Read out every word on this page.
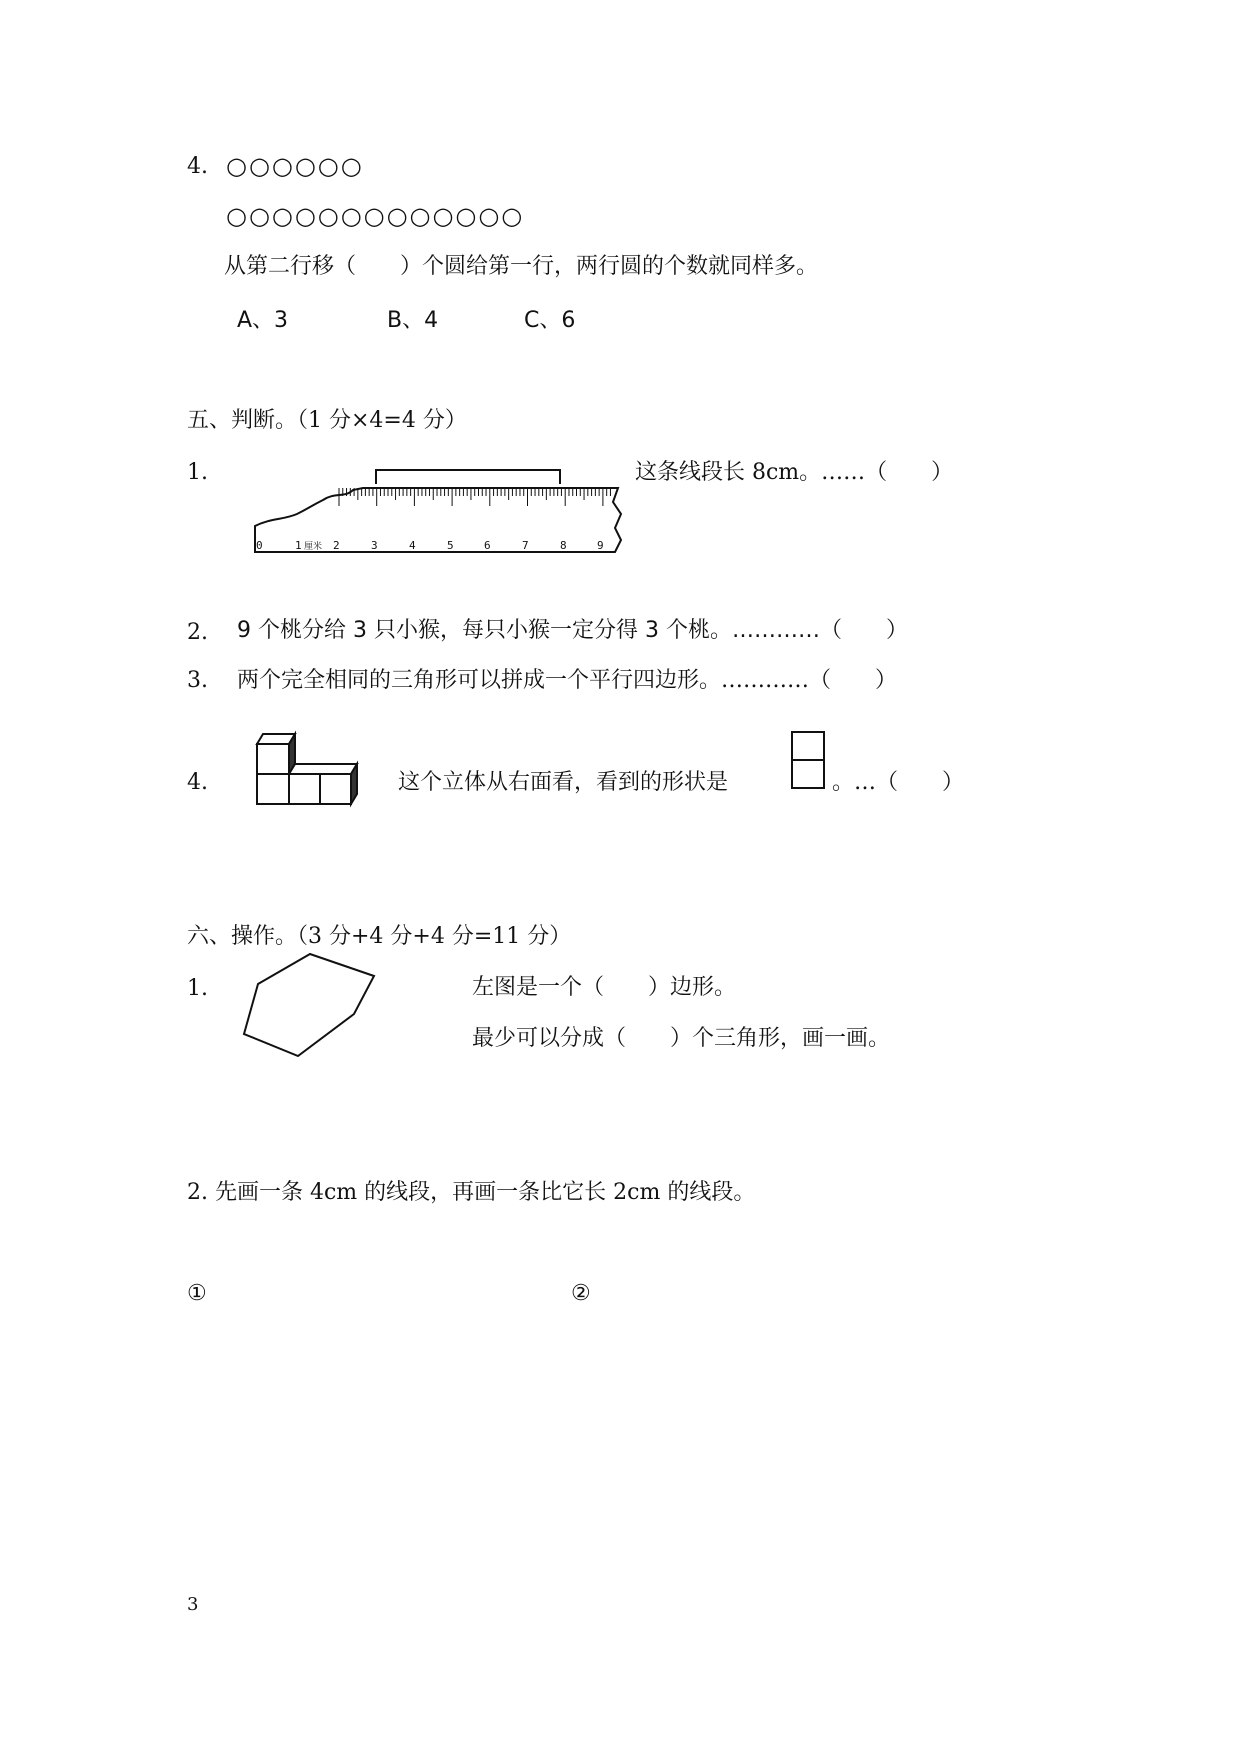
4. ○○○○○○
○○○○○○○○○○○○○
从第二行移（　　）个圆给第一行，两行圆的个数就同样多。
A、3	B、4	C、6
五、判断。（1 分×4=4 分）
1.
0	1 厘米 2	3	4	5	6	7	8	9
这条线段长 8cm。……（　　）
2. 9 个桃分给 3 只小猴，每只小猴一定分得 3 个桃。…………（　　）
3. 两个完全相同的三角形可以拼成一个平行四边形。…………（　　）
4.	这个立体从右面看，看到的形状是	。…（　　）
六、操作。（3 分+4 分+4 分=11 分）
1.	左图是一个（　　）边形。
最少可以分成（　　）个三角形，画一画。
2. 先画一条 4cm 的线段，再画一条比它长 2cm 的线段。
①	②
3
